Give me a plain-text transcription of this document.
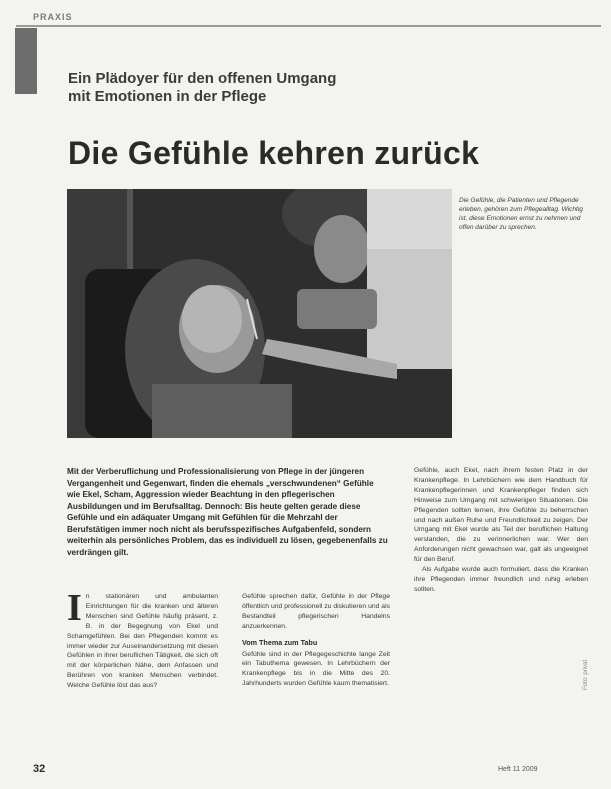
PRAXIS
Ein Plädoyer für den offenen Umgang
mit Emotionen in der Pflege
Die Gefühle kehren zurück
Die Gefühle, die Patienten und Pflegende erleben, gehören zum Pflegealltag. Wichtig ist, diese Emotionen ernst zu nehmen und offen darüber zu sprechen.
Mit der Verberuflichung und Professionalisierung von Pflege in der jüngeren Vergangenheit und Gegenwart, finden die ehemals „verschwundenen“ Gefühle wie Ekel, Scham, Aggression wieder Beachtung in den pflegerischen Ausbildungen und im Berufsalltag. Dennoch: Bis heute gelten gerade diese Gefühle und ein adäquater Umgang mit Gefühlen für die Mehrzahl der Berufstätigen immer noch nicht als berufsspezifisches Aufgabenfeld, sondern weiterhin als persönliches Problem, das es individuell zu lösen, gegebenenfalls zu verdrängen gilt.
I n stationären und ambulanten Einrichtungen für die kranken und älteren Menschen sind Gefühle häufig präsent, z. B. in der Begegnung von Ekel und Schamgefühlen. Bei den Pflegenden kommt es immer wieder zur Auseinandersetzung mit diesen Gefühlen in ihrer beruflichen Tätigkeit, die sich oft mit der körperlichen Nähe, dem Anfassen und Berühren von kranken Menschen verbindet. Welche Gefühle löst das aus?
Gefühle sprechen dafür, Gefühle in der Pflege öffentlich und professionell zu diskutieren und als Bestandteil pflegerischen Handelns anzuerkennen.
Vom Thema zum Tabu
Gefühle sind in der Pflegegeschichte lange Zeit ein Tabuthema gewesen. In Lehrbüchern der Krankenpflege bis in die Mitte des 20. Jahrhunderts wurden Gefühle kaum thematisiert.
Gefühle, auch Ekel, nach ihrem festen Platz in der Krankenpflege. In Lehrbüchern wie dem Handbuch für Krankenpflegerinnen und Krankenpfleger finden sich Hinweise zum Umgang mit schwierigen Situationen. Die Pflegenden sollten lernen, ihre Gefühle zu beherrschen und nach außen Ruhe und Freundlichkeit zu zeigen. Der Umgang mit Ekel wurde als Teil der beruflichen Haltung verstanden, die zu verinnerlichen war. Wer den Anforderungen nicht gewachsen war, galt als ungeeignet für den Beruf.
Als Aufgabe wurde auch formuliert, dass die Kranken ihre Pflegenden immer freundlich und ruhig erleben sollten.
32	Heft 11 2009
Foto: privat
